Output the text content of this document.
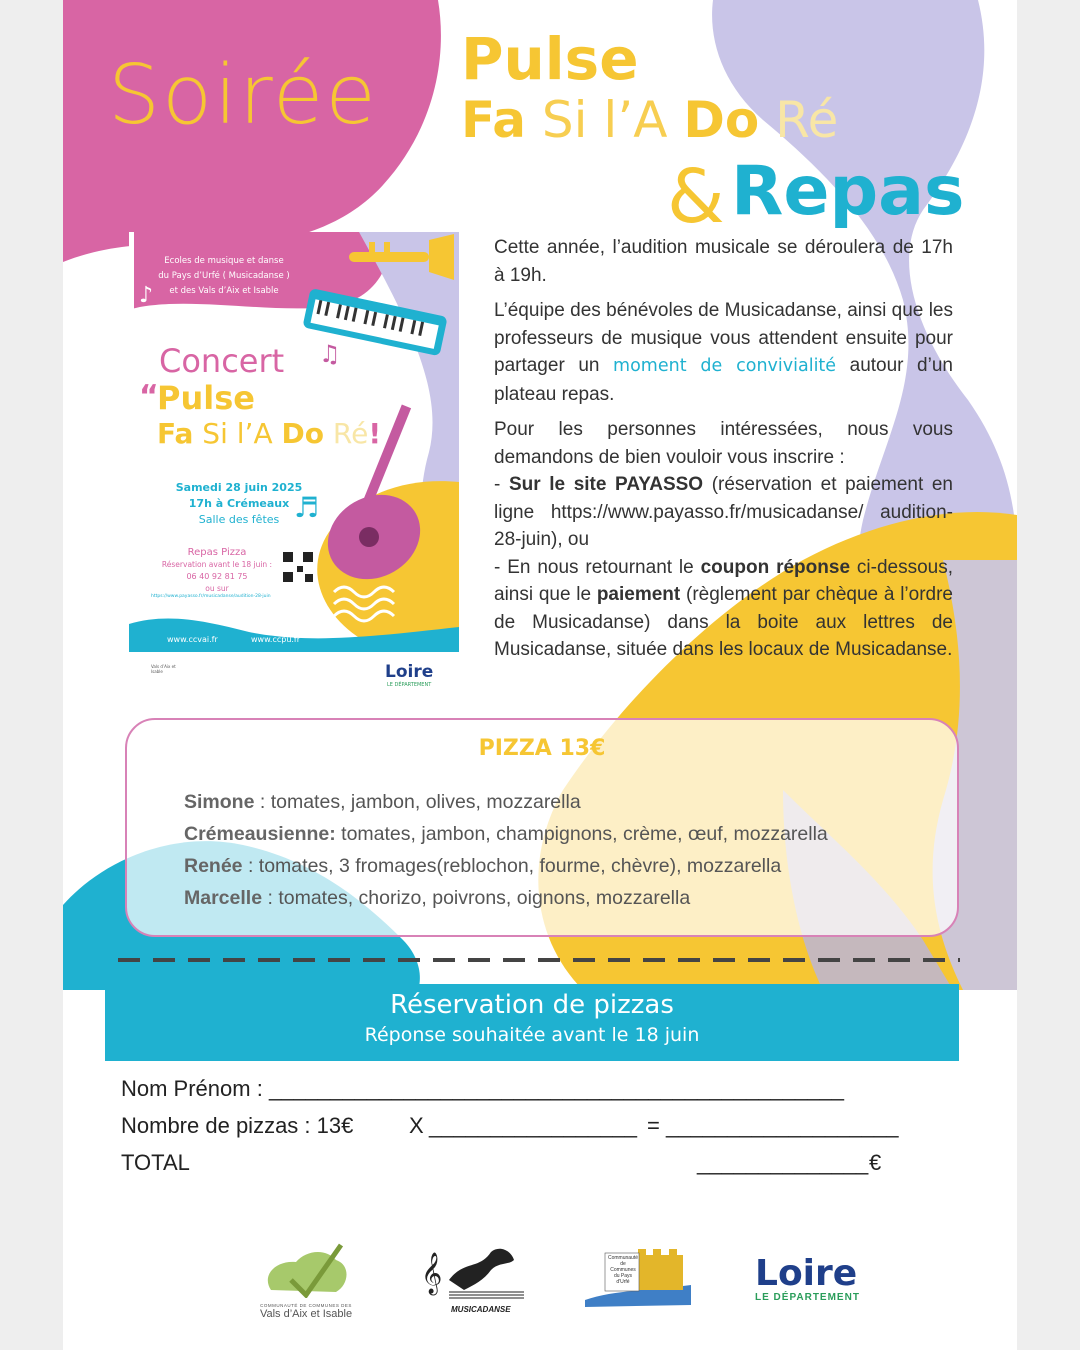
Soirée Pulse
Fa Si l’A Do Ré
& Repas
♫
♪
♬
Ecoles de musique et danse
du Pays d’Urfé ( Musicadanse )
et des Vals d’Aix et Isable
Concert
“
Pulse
Fa Si l’A Do Ré!
Samedi 28 juin 2025
17h à Crémeaux
Salle des fêtes
Repas Pizza
Réservation avant le 18 juin :
06 40 92 81 75
ou sur
https://www.payasso.fr/musicadanse/audition-28-juin
www.ccvai.fr	www.ccpu.fr
Vals d’Aix et Isable	Loire
LE DÉPARTEMENT

Cette année, l’audition musicale se déroulera de 17h à 19h.

L’équipe des bénévoles de Musicadanse, ainsi que les professeurs de musique vous attendent ensuite pour partager un moment de convivialité autour d’un plateau repas.

Pour les personnes intéressées, nous vous demandons de bien vouloir vous inscrire :
- Sur le site PAYASSO (réservation et paiement en ligne https://www.payasso.fr/musicadanse/ audition-28-juin), ou
- En nous retournant le coupon réponse ci-dessous, ainsi que le paiement (règlement par chèque à l’ordre de Musicadanse) dans la boite aux lettres de Musicadanse, située dans les locaux de Musicadanse.

PIZZA 13€
Simone : tomates, jambon, olives, mozzarella
Crémeausienne: tomates, jambon, champignons, crème, œuf, mozzarella
Renée : tomates, 3 fromages(reblochon, fourme, chèvre), mozzarella
Marcelle : tomates, chorizo, poivrons, oignons, mozzarella
Réservation de pizzas
Réponse souhaitée avant le 18 juin
Nom Prénom : _______________________________________________
Nombre de pizzas : 13€	X _________________ = ___________________
TOTAL	______________ €
COMMUNAUTÉ DE COMMUNES DES
Vals d’Aix et Isable
𝄞
MUSICADANSE
Communauté de Communes du Pays d'Urfé	Loire
LE DÉPARTEMENT
